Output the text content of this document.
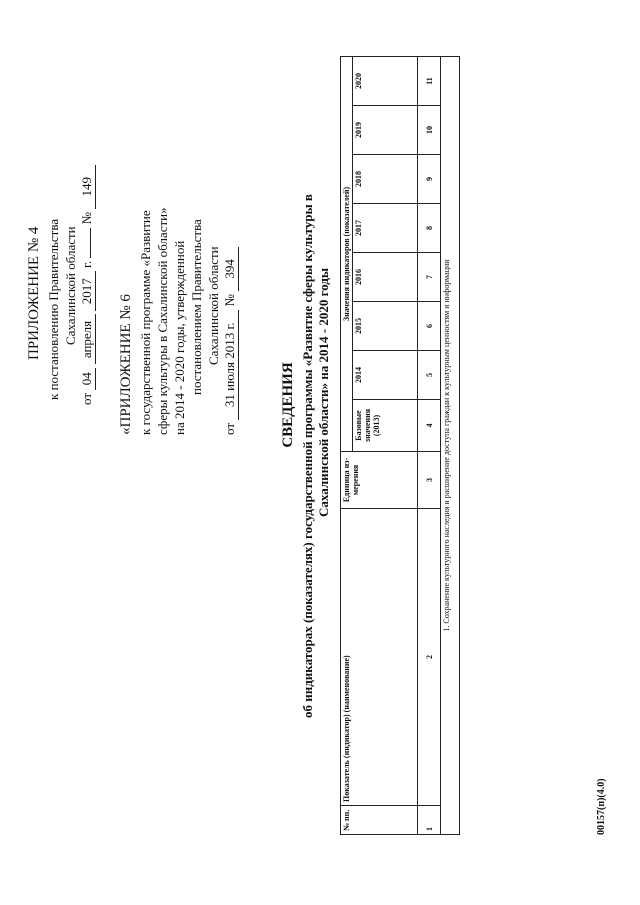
ПРИЛОЖЕНИЕ № 4 к постановлению Правительства Сахалинской области
от 04 апреля 2017 г.  № 149
«ПРИЛОЖЕНИЕ № 6 к государственной программе «Развитие сферы культуры в Сахалинской области» на 2014 - 2020 годы, утвержденной постановлением Правительства Сахалинской области
от 31 июля 2013 г. № 394
СВЕДЕНИЯ об индикаторах (показателях) государственной программы «Развитие сферы культуры в Сахалинской области» на 2014 - 2020 годы
№ пп.	Показатель (индикатор) (наименование)	Единица из- мерения	Значения индикаторов (показателей)							
			Базовые значения (2013)	2014	2015	2016	2017	2018	2019	2020
1	2	3	4	5	6	7	8	9	10	11
1. Сохранение культурного наследия и расширение доступа граждан к культурным ценностям и информации										
00157(п)(4.0)
